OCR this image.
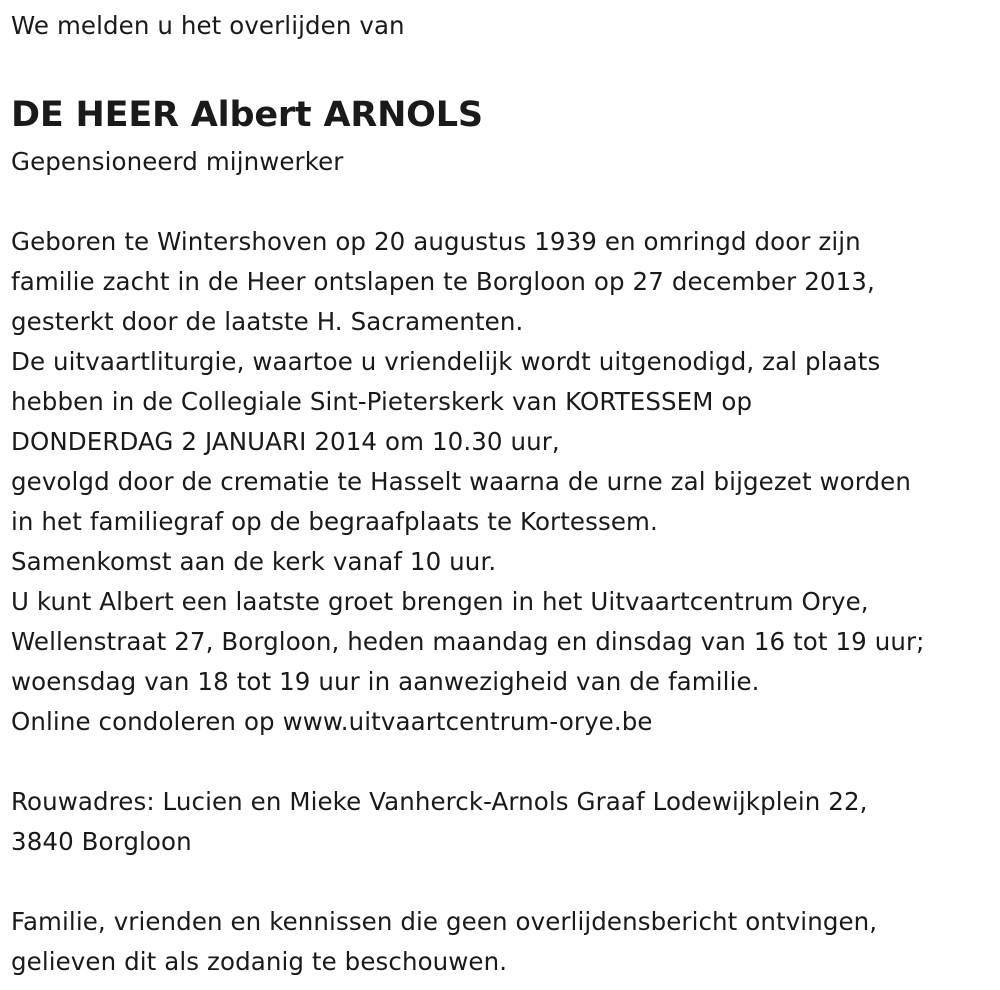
We melden u het overlijden van
DE HEER Albert ARNOLS
Gepensioneerd mijnwerker
Geboren te Wintershoven op 20 augustus 1939 en omringd door zijn
familie zacht in de Heer ontslapen te Borgloon op 27 december 2013,
gesterkt door de laatste H. Sacramenten.
De uitvaartliturgie, waartoe u vriendelijk wordt uitgenodigd, zal plaats
hebben in de Collegiale Sint-Pieterskerk van KORTESSEM op
DONDERDAG 2 JANUARI 2014 om 10.30 uur,
gevolgd door de crematie te Hasselt waarna de urne zal bijgezet worden
in het familiegraf op de begraafplaats te Kortessem.
Samenkomst aan de kerk vanaf 10 uur.
U kunt Albert een laatste groet brengen in het Uitvaartcentrum Orye,
Wellenstraat 27, Borgloon, heden maandag en dinsdag van 16 tot 19 uur;
woensdag van 18 tot 19 uur in aanwezigheid van de familie.
Online condoleren op www.uitvaartcentrum-orye.be
Rouwadres: Lucien en Mieke Vanherck-Arnols Graaf Lodewijkplein 22,
3840 Borgloon
Familie, vrienden en kennissen die geen overlijdensbericht ontvingen,
gelieven dit als zodanig te beschouwen.
